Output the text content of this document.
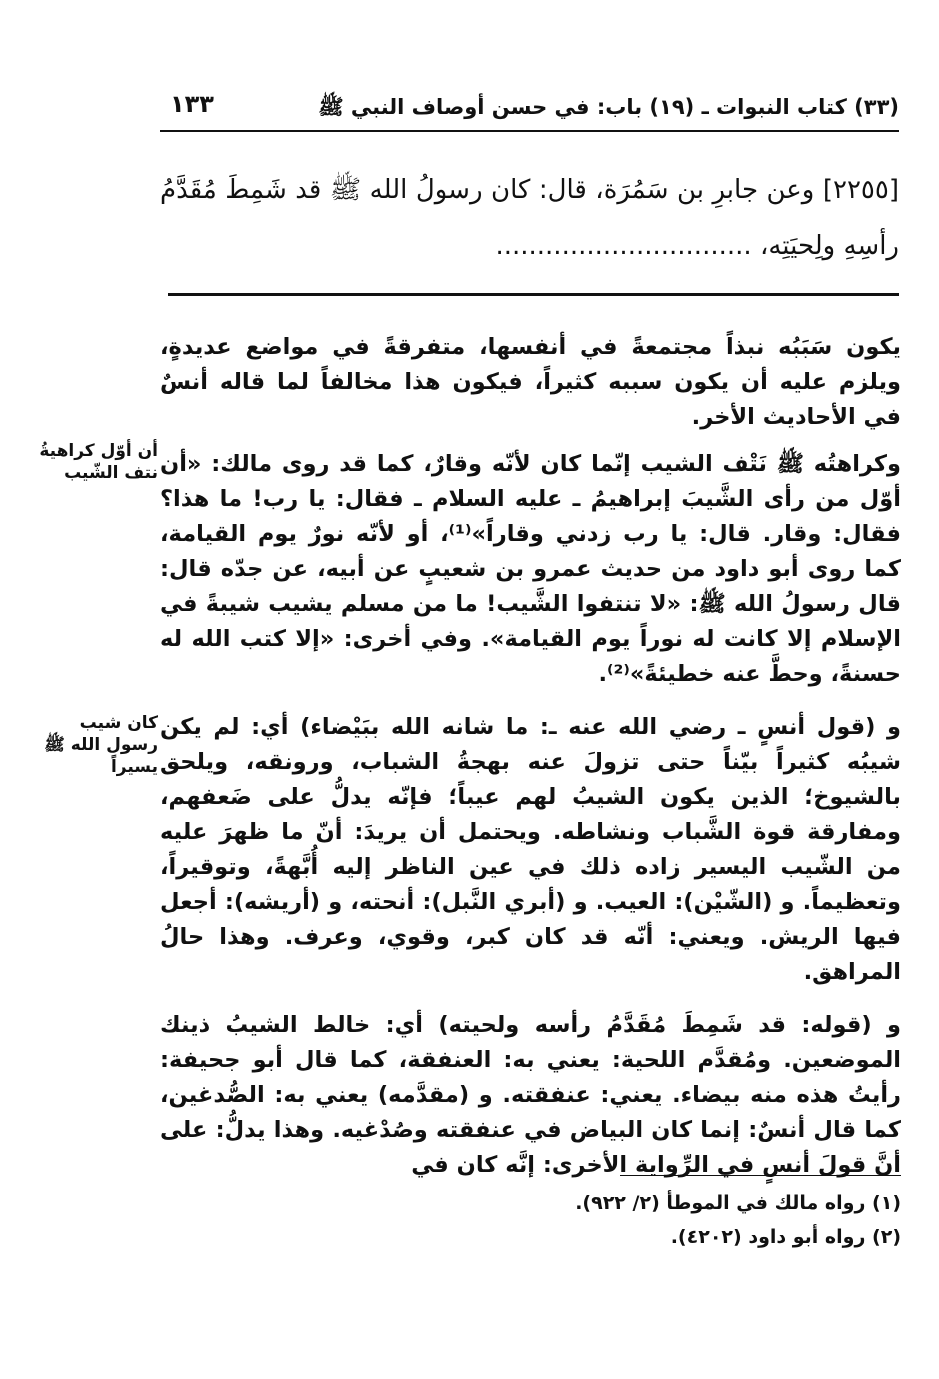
(٣٣) كتاب النبوات ـ (١٩) باب: في حسن أوصاف النبي ﷺ
١٣٣
[٢٢٥٥] وعن جابرِ بن سَمُرَة، قال: كان رسولُ الله ﷺ قد شَمِطَ مُقَدَّمُ رأسِهِ ولِحيَتِه، ...............................

يكون سَبَبُه نبذاً مجتمعةً في أنفسها، متفرقةً في مواضع عديدةٍ، ويلزم عليه أن يكون سببه كثيراً، فيكون هذا مخالفاً لما قاله أنسٌ في الأحاديث الأخر.

وكراهتُه ﷺ نَتْف الشيب إنّما كان لأنّه وقارٌ، كما قد روى مالك: «أن أوّل من رأى الشَّيبَ إبراهيمُ ـ عليه السلام ـ فقال: يا رب! ما هذا؟ فقال: وقار. قال: يا رب زدني وقاراً»⁽¹⁾، أو لأنّه نورٌ يوم القيامة، كما روى أبو داود من حديث عمرو بن شعيبٍ عن أبيه، عن جدّه قال: قال رسولُ الله ﷺ: «لا تنتفوا الشَّيب! ما من مسلم يشيب شيبةً في الإسلام إلا كانت له نوراً يوم القيامة». وفي أخرى: «إلا كتب الله له حسنةً، وحطَّ عنه خطيئةً»⁽²⁾.

و (قول أنسٍ ـ رضي الله عنه ـ: ما شانه الله ببَيْضاء) أي: لم يكن شيبُه كثيراً بيّناً حتى تزولَ عنه بهجةُ الشباب، ورونقه، ويلحق بالشيوخ؛ الذين يكون الشيبُ لهم عيباً؛ فإنّه يدلُّ على ضَعفهم، ومفارقة قوة الشَّباب ونشاطه. ويحتمل أن يريدَ: أنّ ما ظهرَ عليه من الشّيب اليسير زاده ذلك في عين الناظر إليه أُبَّهةً، وتوقيراً، وتعظيماً. و (الشّيْن): العيب. و (أبري النَّبل): أنحته، و (أريشه): أجعل فيها الريش. ويعني: أنّه قد كان كبر، وقوي، وعرف. وهذا حالُ المراهق.

و (قوله: قد شَمِطَ مُقَدَّمُ رأسه ولحيته) أي: خالط الشيبُ ذينك الموضعين. ومُقدَّم اللحية: يعني به: العنفقة، كما قال أبو جحيفة: رأيتُ هذه منه بيضاء. يعني: عنفقته. و (مقدَّمه) يعني به: الصُّدغين، كما قال أنسٌ: إنما كان البياض في عنفقته وصُدْغيه. وهذا يدلُّ: على أنَّ قولَ أنسٍ في الرِّواية الأخرى: إنَّه كان في

أن أوّل كراهيةُ نتف الشّيب
كان شيب رسول الله ﷺ يسيراً
(١) رواه مالك في الموطأ (٢/ ٩٢٢).
(٢) رواه أبو داود (٤٢٠٢).
